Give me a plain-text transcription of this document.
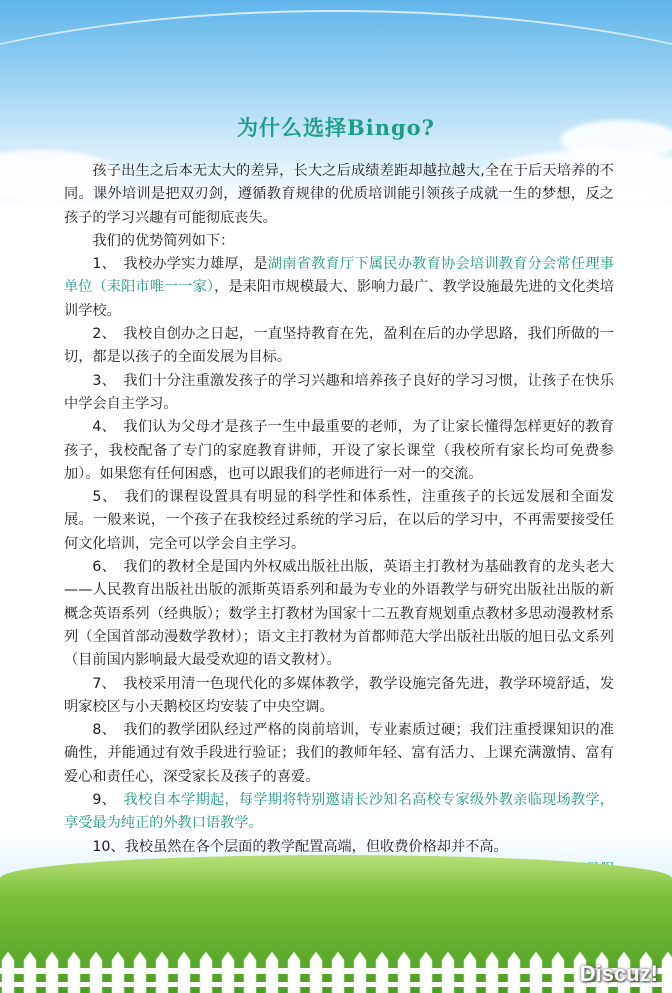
为什么选择Bingo?

孩子出生之后本无太大的差异，长大之后成绩差距却越拉越大,全在于后天培养的不同。课外培训是把双刃剑，遵循教育规律的优质培训能引领孩子成就一生的梦想，反之孩子的学习兴趣有可能彻底丧失。

我们的优势简列如下：

1、　我校办学实力雄厚，是湖南省教育厅下属民办教育协会培训教育分会常任理事单位（耒阳市唯一一家），是耒阳市规模最大、影响力最广、教学设施最先进的文化类培训学校。

2、　我校自创办之日起，一直坚持教育在先，盈利在后的办学思路，我们所做的一切，都是以孩子的全面发展为目标。

3、　我们十分注重激发孩子的学习兴趣和培养孩子良好的学习习惯，让孩子在快乐中学会自主学习。

4、　我们认为父母才是孩子一生中最重要的老师，为了让家长懂得怎样更好的教育孩子，我校配备了专门的家庭教育讲师，开设了家长课堂（我校所有家长均可免费参加）。如果您有任何困惑，也可以跟我们的老师进行一对一的交流。

5、　我们的课程设置具有明显的科学性和体系性，注重孩子的长远发展和全面发展。一般来说，一个孩子在我校经过系统的学习后，在以后的学习中，不再需要接受任何文化培训，完全可以学会自主学习。

6、　我们的教材全是国内外权威出版社出版，英语主打教材为基础教育的龙头老大——人民教育出版社出版的派斯英语系列和最为专业的外语教学与研究出版社出版的新概念英语系列（经典版）；数学主打教材为国家十二五教育规划重点教材多思动漫教材系列（全国首部动漫数学教材）；语文主打教材为首都师范大学出版社出版的旭日弘文系列（目前国内影响最大最受欢迎的语文教材）。

7、　我校采用清一色现代化的多媒体教学，教学设施完备先进，教学环境舒适，发明家校区与小天鹅校区均安装了中央空调。

8、　我们的教学团队经过严格的岗前培训，专业素质过硬；我们注重授课知识的准确性，并能通过有效手段进行验证；我们的教师年轻、富有活力、上课充满激情、富有爱心和责任心，深受家长及孩子的喜爱。

9、　我校自本学期起，每学期将特别邀请长沙知名高校专家级外教亲临现场教学，享受最为纯正的外教口语教学。

10、我校虽然在各个层面的教学配置高端，但收费价格却并不高。

Discuz!
